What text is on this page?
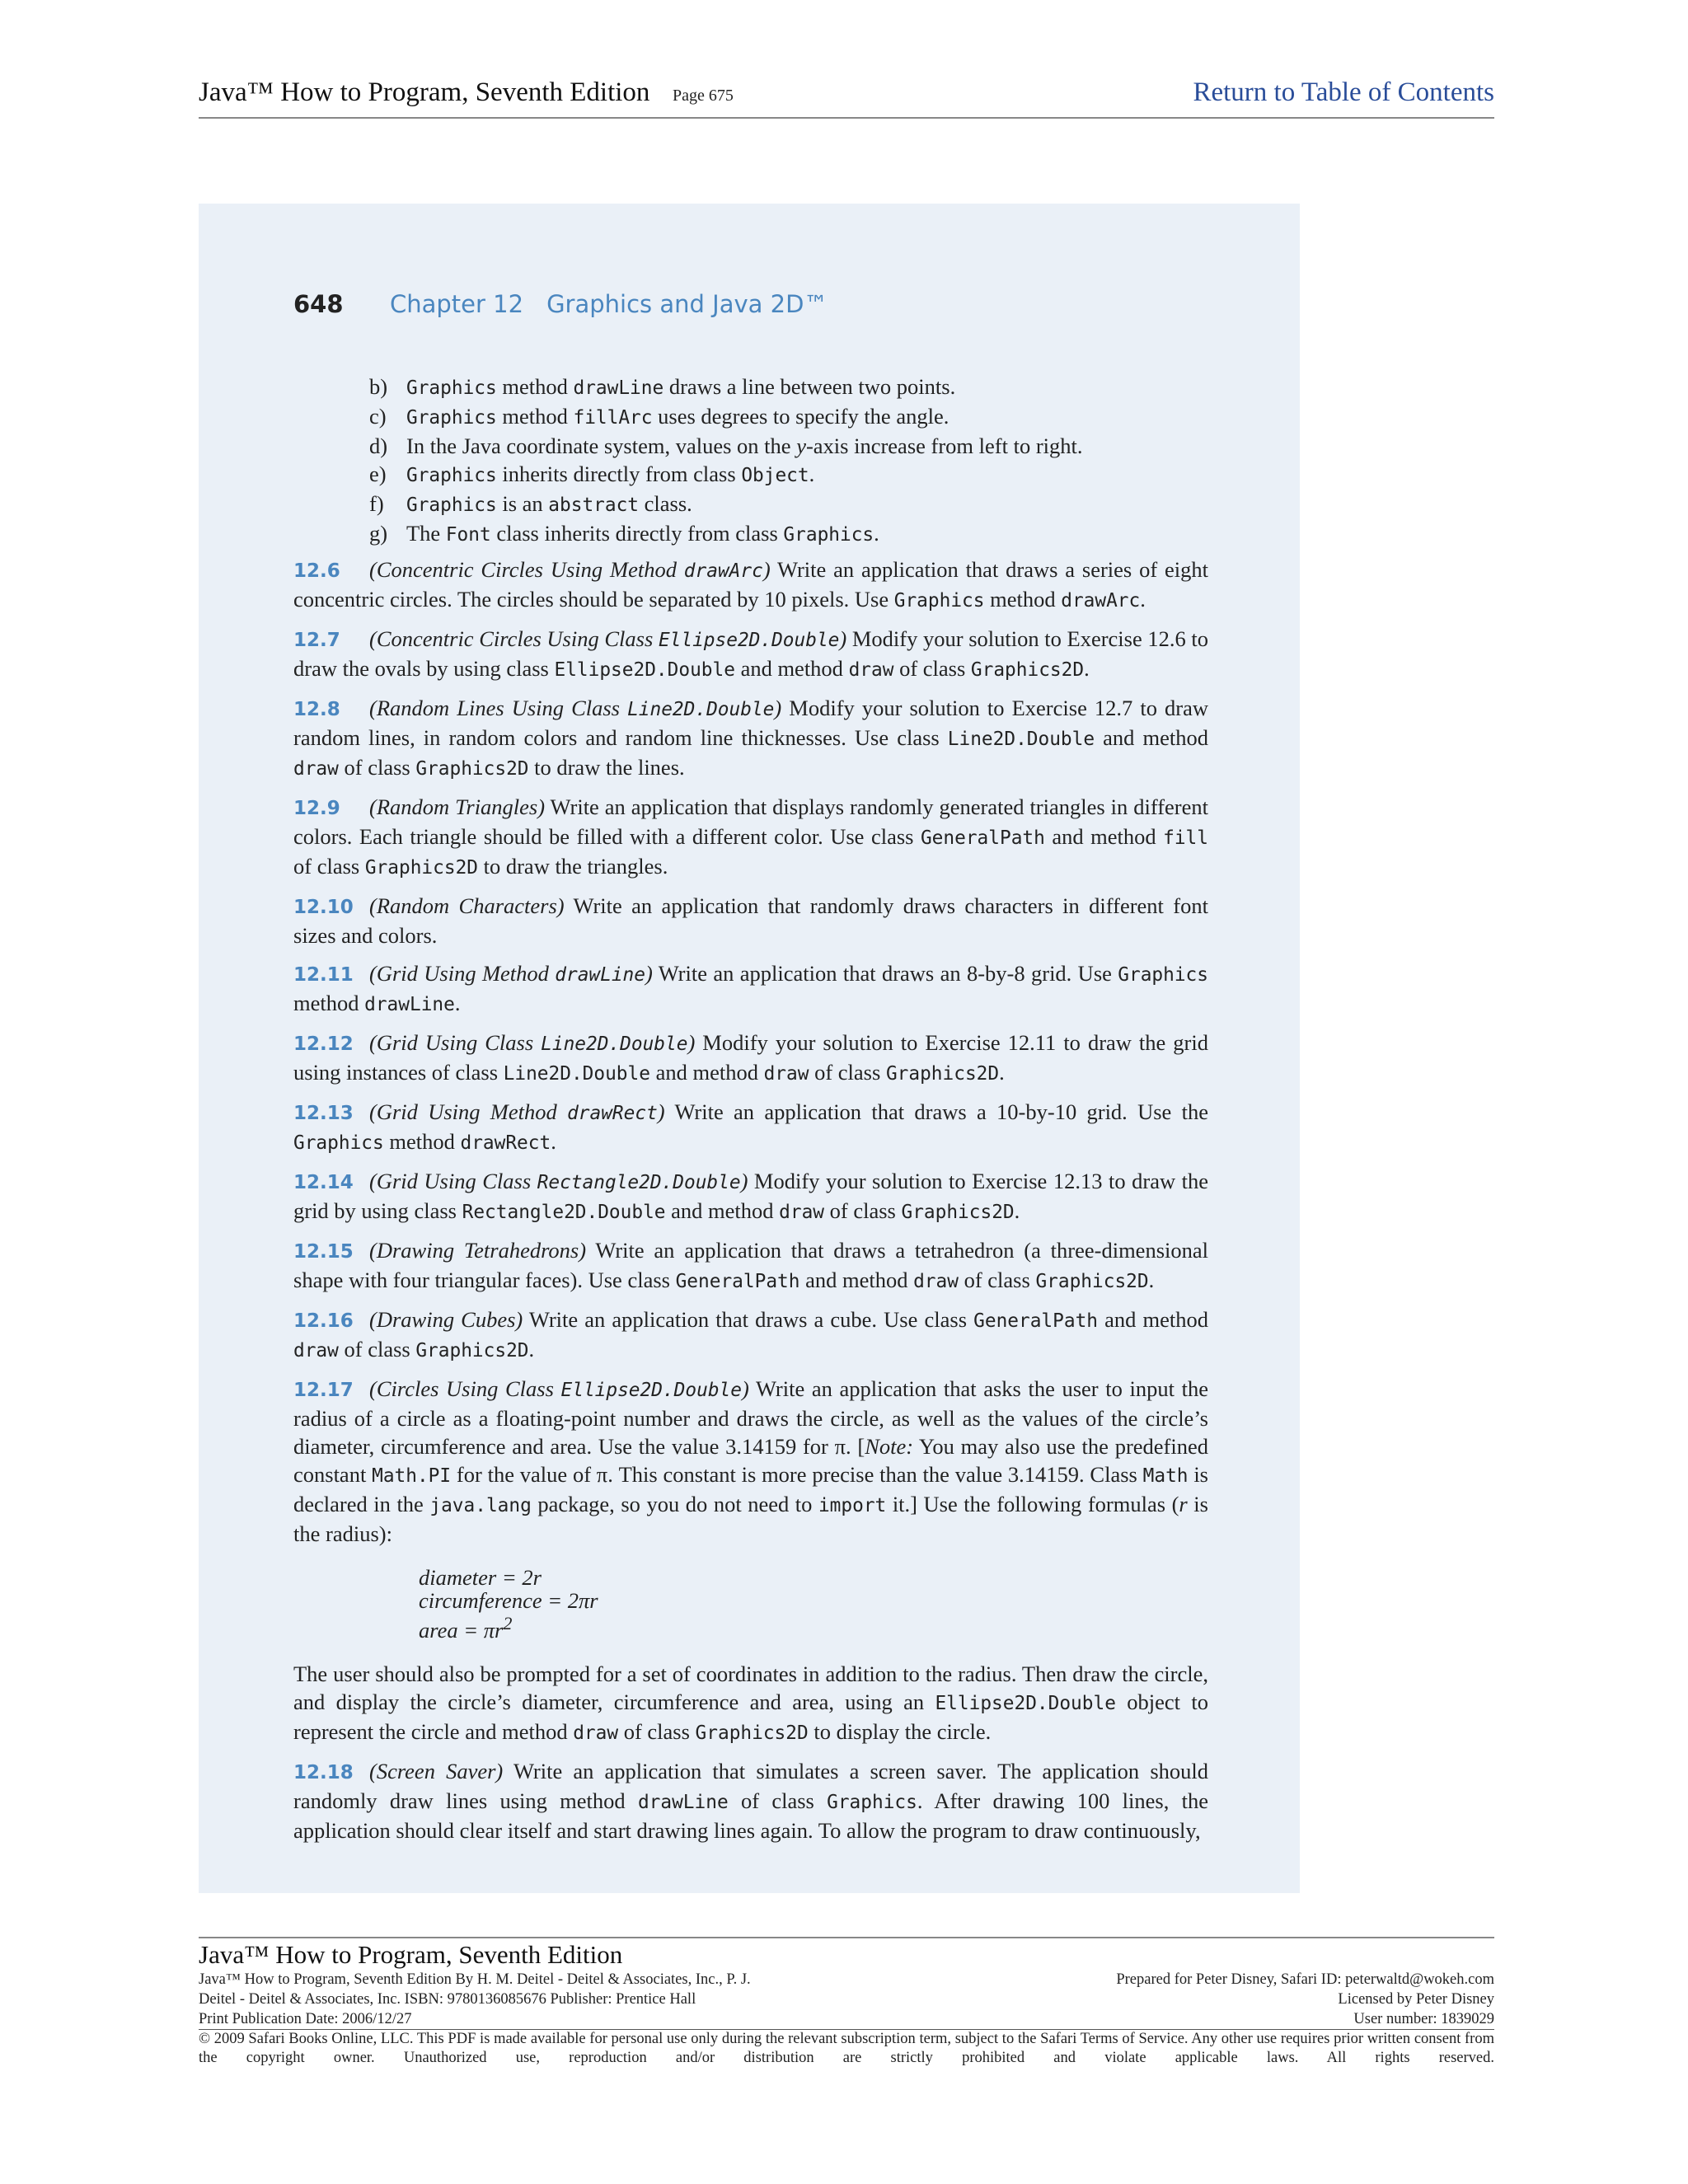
Java™ How to Program, Seventh Edition Page 675	Return to Table of Contents
648 Chapter 12 Graphics and Java 2D™
b) Graphics method drawLine draws a line between two points.
c) Graphics method fillArc uses degrees to specify the angle.
d) In the Java coordinate system, values on the y-axis increase from left to right.
e) Graphics inherits directly from class Object.
f) Graphics is an abstract class.
g) The Font class inherits directly from class Graphics.

12.6 (Concentric Circles Using Method drawArc) Write an application that draws a series of eight concentric circles. The circles should be separated by 10 pixels. Use Graphics method drawArc.

12.7 (Concentric Circles Using Class Ellipse2D.Double) Modify your solution to Exercise 12.6 to draw the ovals by using class Ellipse2D.Double and method draw of class Graphics2D.

12.8 (Random Lines Using Class Line2D.Double) Modify your solution to Exercise 12.7 to draw random lines, in random colors and random line thicknesses. Use class Line2D.Double and method draw of class Graphics2D to draw the lines.

12.9 (Random Triangles) Write an application that displays randomly generated triangles in different colors. Each triangle should be filled with a different color. Use class GeneralPath and method fill of class Graphics2D to draw the triangles.

12.10 (Random Characters) Write an application that randomly draws characters in different font sizes and colors.

12.11 (Grid Using Method drawLine) Write an application that draws an 8-by-8 grid. Use Graphics method drawLine.

12.12 (Grid Using Class Line2D.Double) Modify your solution to Exercise 12.11 to draw the grid using instances of class Line2D.Double and method draw of class Graphics2D.

12.13 (Grid Using Method drawRect) Write an application that draws a 10-by-10 grid. Use the Graphics method drawRect.

12.14 (Grid Using Class Rectangle2D.Double) Modify your solution to Exercise 12.13 to draw the grid by using class Rectangle2D.Double and method draw of class Graphics2D.

12.15 (Drawing Tetrahedrons) Write an application that draws a tetrahedron (a three-dimensional shape with four triangular faces). Use class GeneralPath and method draw of class Graphics2D.

12.16 (Drawing Cubes) Write an application that draws a cube. Use class GeneralPath and method draw of class Graphics2D.

12.17 (Circles Using Class Ellipse2D.Double) Write an application that asks the user to input the radius of a circle as a floating-point number and draws the circle, as well as the values of the circle’s diameter, circumference and area. Use the value 3.14159 for π. [Note: You may also use the predefined constant Math.PI for the value of π. This constant is more precise than the value 3.14159. Class Math is declared in the java.lang package, so you do not need to import it.] Use the following formulas (r is the radius):

diameter = 2r
circumference = 2πr
area = $\pi r^2$

The user should also be prompted for a set of coordinates in addition to the radius. Then draw the circle, and display the circle’s diameter, circumference and area, using an Ellipse2D.Double object to represent the circle and method draw of class Graphics2D to display the circle.

12.18 (Screen Saver) Write an application that simulates a screen saver. The application should randomly draw lines using method drawLine of class Graphics. After drawing 100 lines, the application should clear itself and start drawing lines again. To allow the program to draw continuously,

Java™ How to Program, Seventh Edition
Java™ How to Program, Seventh Edition By H. M. Deitel - Deitel & Associates, Inc., P. J.	Prepared for Peter Disney, Safari ID: peterwaltd@wokeh.com
Deitel - Deitel & Associates, Inc. ISBN: 9780136085676 Publisher: Prentice Hall	Licensed by Peter Disney
Print Publication Date: 2006/12/27	User number: 1839029
© 2009 Safari Books Online, LLC. This PDF is made available for personal use only during the relevant subscription term, subject to the Safari Terms of Service. Any other use requires prior written consent from the copyright owner. Unauthorized use, reproduction and/or distribution are strictly prohibited and violate applicable laws. All rights reserved.
